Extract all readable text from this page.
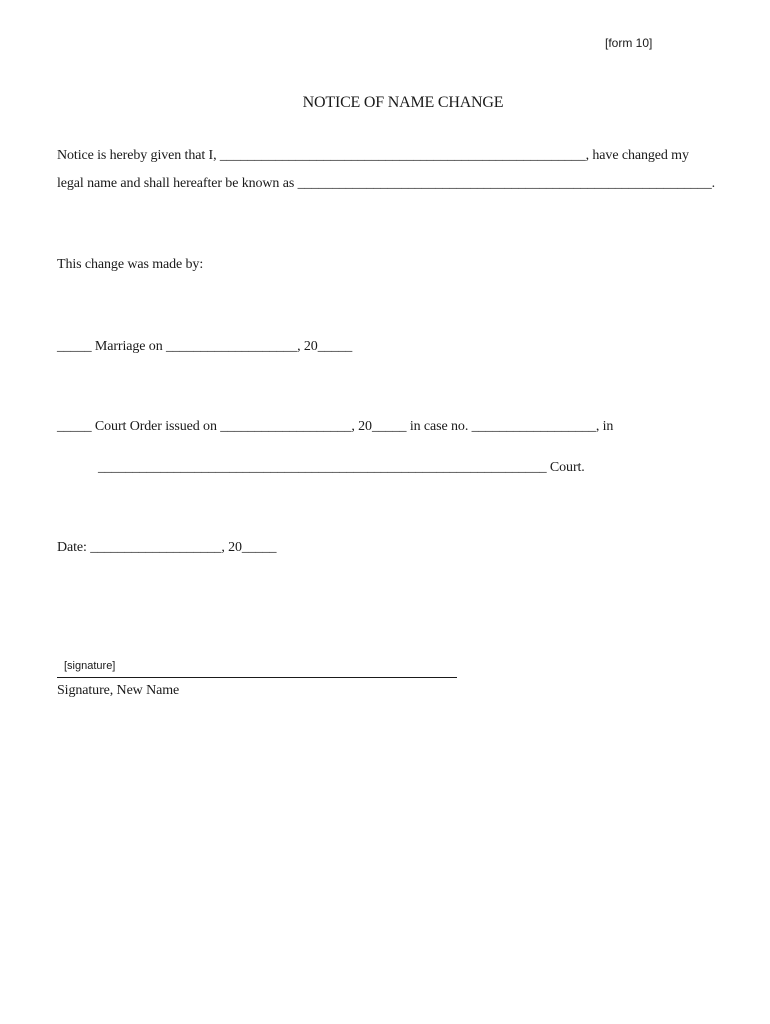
[form 10]
NOTICE OF NAME CHANGE
Notice is hereby given that I, _____________________________________________________, have changed my
legal name and shall hereafter be known as ____________________________________________________________.
This change was made by:
_____ Marriage on ___________________, 20_____
_____ Court Order issued on ___________________, 20_____ in case no. __________________, in
_________________________________________________________________ Court.
Date: ___________________, 20_____
[signature]
Signature, New Name
